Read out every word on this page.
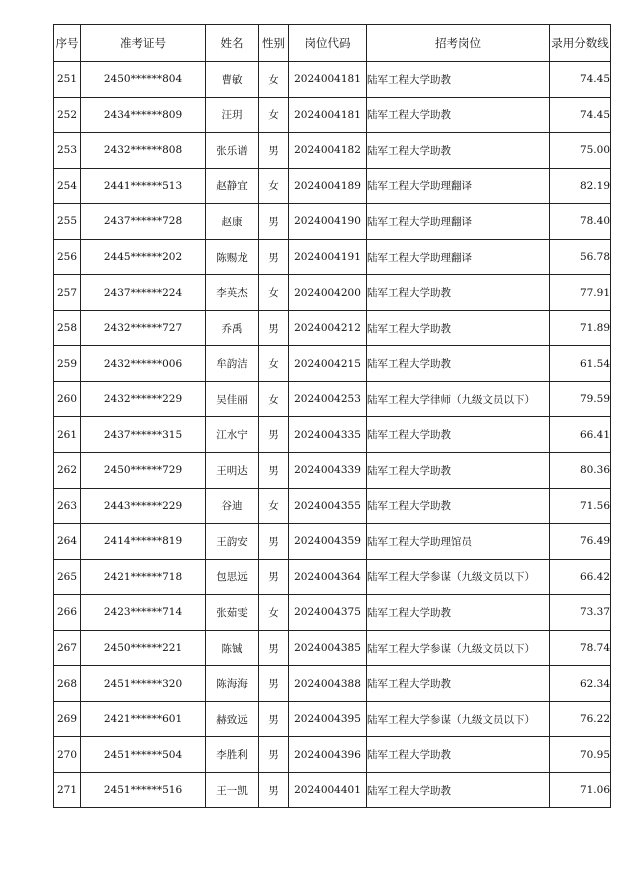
序号	准考证号	姓名	性别	岗位代码	招考岗位	录用分数线
251	2450******804	曹敏	女	2024004181	陆军工程大学助教	74.45
252	2434******809	汪玥	女	2024004181	陆军工程大学助教	74.45
253	2432******808	张乐谱	男	2024004182	陆军工程大学助教	75.00
254	2441******513	赵静宜	女	2024004189	陆军工程大学助理翻译	82.19
255	2437******728	赵康	男	2024004190	陆军工程大学助理翻译	78.40
256	2445******202	陈赐龙	男	2024004191	陆军工程大学助理翻译	56.78
257	2437******224	李英杰	女	2024004200	陆军工程大学助教	77.91
258	2432******727	乔禹	男	2024004212	陆军工程大学助教	71.89
259	2432******006	牟韵洁	女	2024004215	陆军工程大学助教	61.54
260	2432******229	吴佳丽	女	2024004253	陆军工程大学律师（九级文员以下）	79.59
261	2437******315	江水宁	男	2024004335	陆军工程大学助教	66.41
262	2450******729	王明达	男	2024004339	陆军工程大学助教	80.36
263	2443******229	谷迪	女	2024004355	陆军工程大学助教	71.56
264	2414******819	王韵安	男	2024004359	陆军工程大学助理馆员	76.49
265	2421******718	包思远	男	2024004364	陆军工程大学参谋（九级文员以下）	66.42
266	2423******714	张茹雯	女	2024004375	陆军工程大学助教	73.37
267	2450******221	陈铖	男	2024004385	陆军工程大学参谋（九级文员以下）	78.74
268	2451******320	陈海海	男	2024004388	陆军工程大学助教	62.34
269	2421******601	赫致远	男	2024004395	陆军工程大学参谋（九级文员以下）	76.22
270	2451******504	李胜利	男	2024004396	陆军工程大学助教	70.95
271	2451******516	王一凯	男	2024004401	陆军工程大学助教	71.06
